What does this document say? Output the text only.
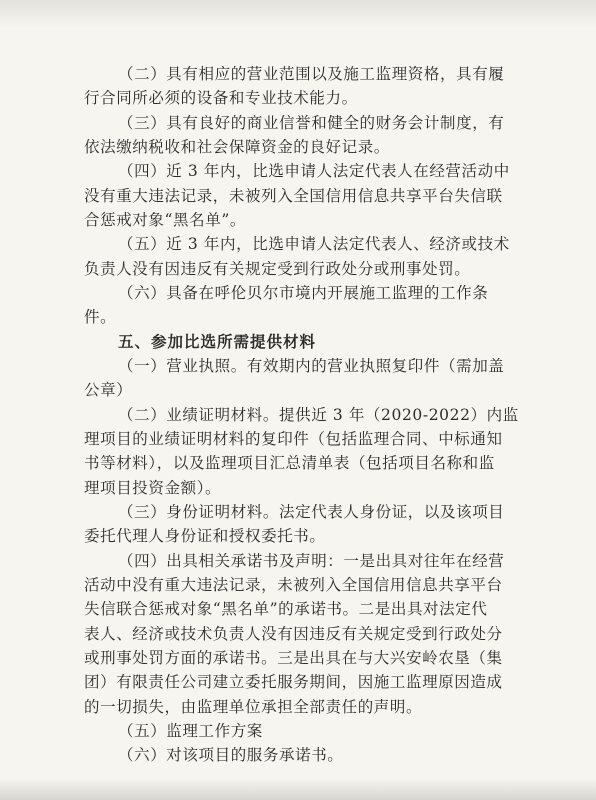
（二）具有相应的营业范围以及施工监理资格，具有履
行合同所必须的设备和专业技术能力。
（三）具有良好的商业信誉和健全的财务会计制度，有
依法缴纳税收和社会保障资金的良好记录。
（四）近 3 年内，比选申请人法定代表人在经营活动中
没有重大违法记录，未被列入全国信用信息共享平台失信联
合惩戒对象“黑名单”。
（五）近 3 年内，比选申请人法定代表人、经济或技术
负责人没有因违反有关规定受到行政处分或刑事处罚。
（六）具备在呼伦贝尔市境内开展施工监理的工作条
件。
五、参加比选所需提供材料
（一）营业执照。有效期内的营业执照复印件（需加盖
公章）
（二）业绩证明材料。提供近 3 年（2020-2022）内监
理项目的业绩证明材料的复印件（包括监理合同、中标通知
书等材料），以及监理项目汇总清单表（包括项目名称和监
理项目投资金额）。
（三）身份证明材料。法定代表人身份证，以及该项目
委托代理人身份证和授权委托书。
（四）出具相关承诺书及声明：一是出具对往年在经营
活动中没有重大违法记录，未被列入全国信用信息共享平台
失信联合惩戒对象“黑名单”的承诺书。二是出具对法定代
表人、经济或技术负责人没有因违反有关规定受到行政处分
或刑事处罚方面的承诺书。三是出具在与大兴安岭农垦（集
团）有限责任公司建立委托服务期间，因施工监理原因造成
的一切损失，由监理单位承担全部责任的声明。
（五）监理工作方案
（六）对该项目的服务承诺书。
